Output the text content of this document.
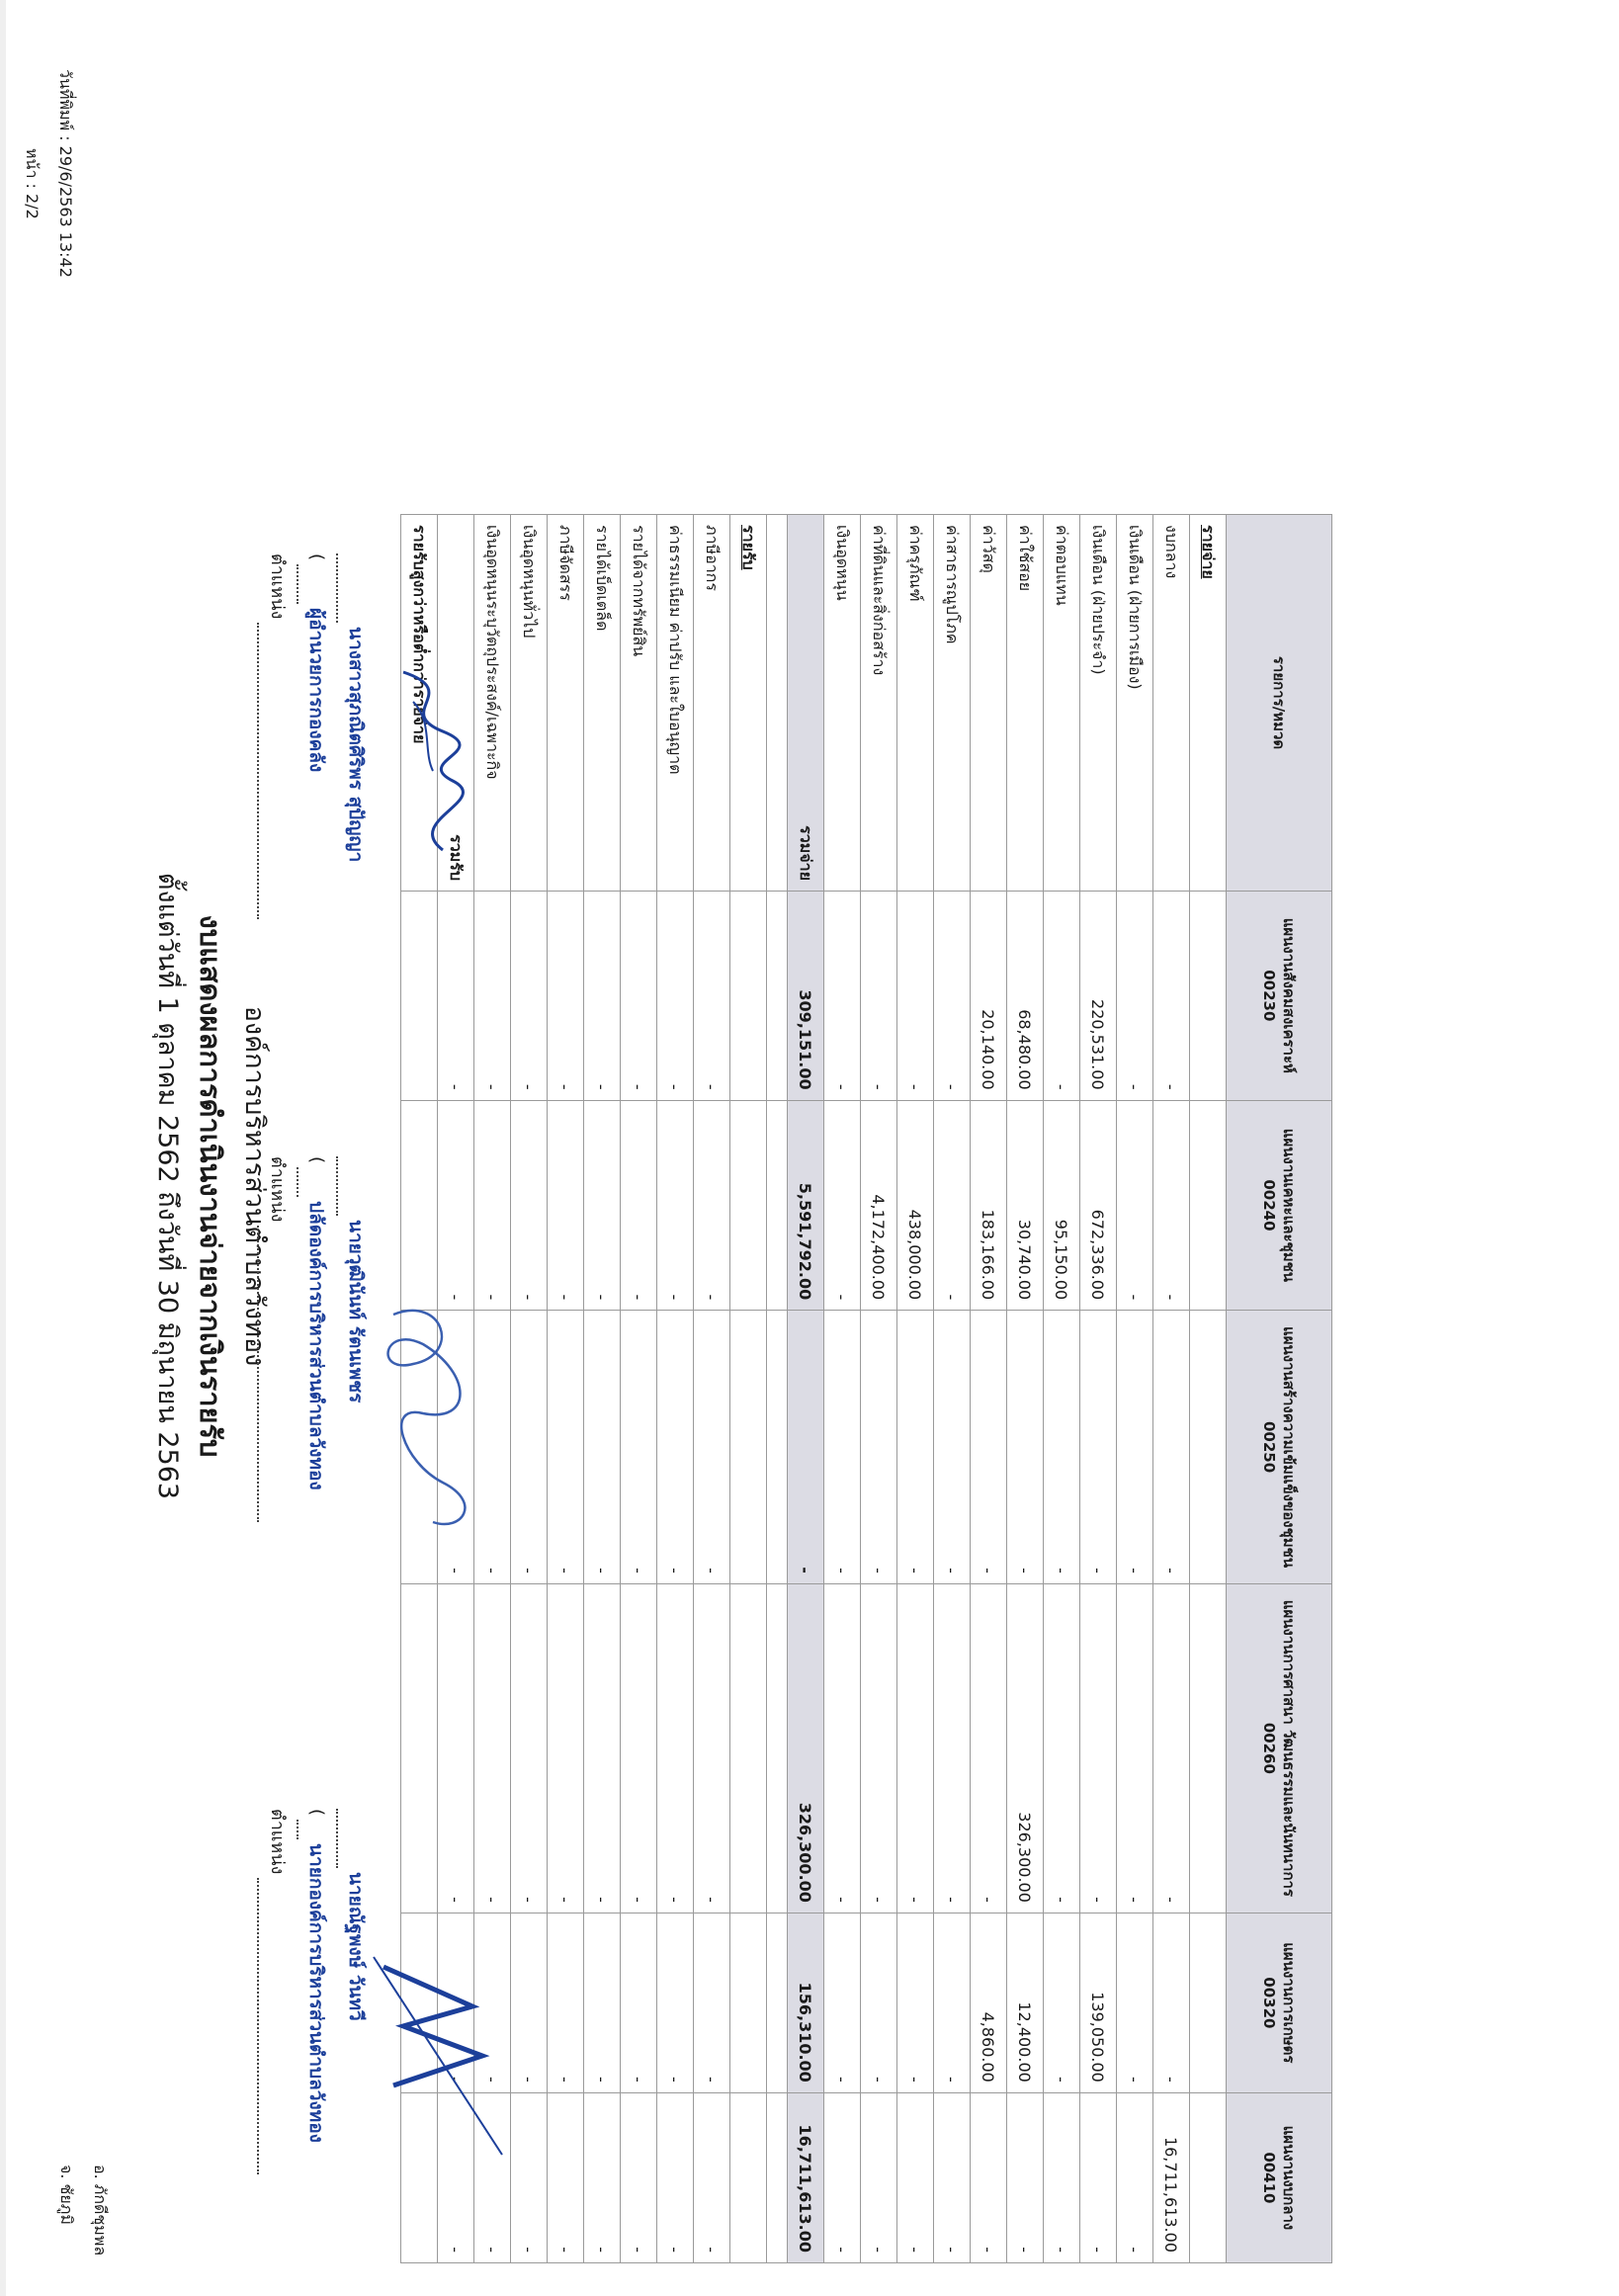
อ. ภักดีชุมพล
จ. ชัยภูมิ
วันที่พิมพ์ : 29/6/2563 13:42
หน้า : 2/2
องค์การบริหารส่วนตำบลวังทอง
งบแสดงผลการดำเนินงานจ่ายจากเงินรายรับ
ตั้งแต่วันที่ 1 ตุลาคม 2562 ถึงวันที่ 30 มิถุนายน 2563
รายการ/หมวด	แผนงานสังคมสงเคราะห์ 00230	แผนงานเคหะและชุมชน 00240	แผนงานสร้างความเข้มแข็งของชุมชน 00250	แผนงานการศาสนา วัฒนธรรมและนันทนาการ 00260	แผนงานการเกษตร 00320	แผนงานงบกลาง 00410
รายจ่าย						
งบกลาง	-	-	-	-	-	16,711,613.00
เงินเดือน (ฝ่ายการเมือง)	-	-	-	-	-	-
เงินเดือน (ฝ่ายประจำ)	220,531.00	672,336.00	-	-	139,050.00	-
ค่าตอบแทน	-	95,150.00	-	-	-	-
ค่าใช้สอย	68,480.00	30,740.00	-	326,300.00	12,400.00	-
ค่าวัสดุ	20,140.00	183,166.00	-	-	4,860.00	-
ค่าสาธารณูปโภค	-	-	-	-	-	-
ค่าครุภัณฑ์	-	438,000.00	-	-	-	-
ค่าที่ดินและสิ่งก่อสร้าง	-	4,172,400.00	-	-	-	-
เงินอุดหนุน	-	-	-	-	-	-
รวมจ่าย	309,151.00	5,591,792.00	-	326,300.00	156,310.00	16,711,613.00

รายรับ						
ภาษีอากร	-	-	-	-	-	-
ค่าธรรมเนียม ค่าปรับ และใบอนุญาต	-	-	-	-	-	-
รายได้จากทรัพย์สิน	-	-	-	-	-	-
รายได้เบ็ดเตล็ด	-	-	-	-	-	-
ภาษีจัดสรร	-	-	-	-	-	-
เงินอุดหนุนทั่วไป	-	-	-	-	-	-
เงินอุดหนุนระบุวัตถุประสงค์/เฉพาะกิจ	-	-	-	-	-	-
รวมรับ	-	-	-	-	-	-
รายรับสูงกว่าหรือต่ำกว่ารายจ่าย						
นางสาวสุภณิตศิริพร สุปัญญา
(
ผู้อำนวยการกองคลัง
ตำแหน่ง
นายวุฒินันท์ รัตนเพชร
(
ปลัดองค์การบริหารส่วนตำบลวังทอง
ตำแหน่ง
นายณัฐพงษ์ วันทวี
(
นายกองค์การบริหารส่วนตำบลวังทอง
ตำแหน่ง
